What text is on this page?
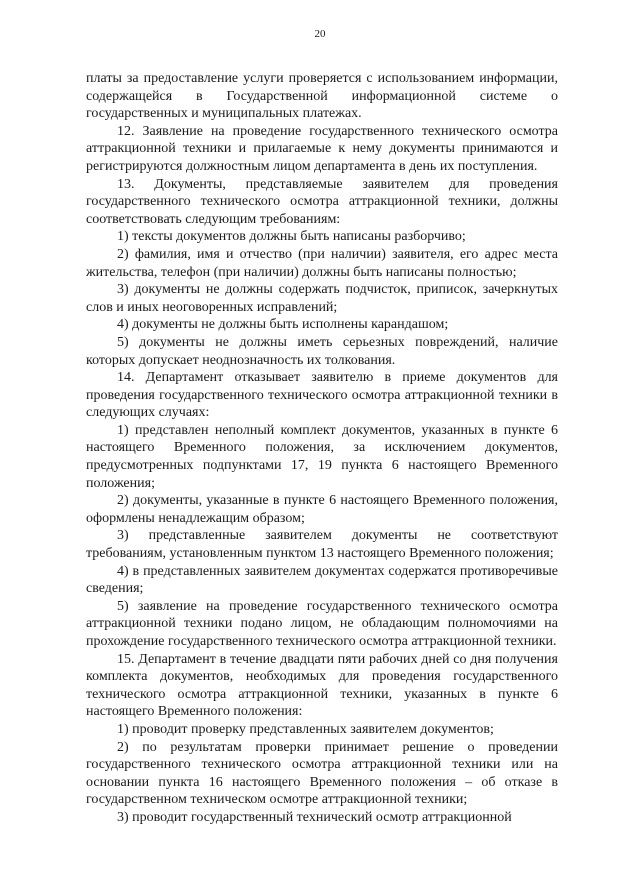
20

платы за предоставление услуги проверяется с использованием информации, содержащейся в Государственной информационной системе о государственных и муниципальных платежах.

12. Заявление на проведение государственного технического осмотра аттракционной техники и прилагаемые к нему документы принимаются и регистрируются должностным лицом департамента в день их поступления.

13. Документы, представляемые заявителем для проведения государственного технического осмотра аттракционной техники, должны соответствовать следующим требованиям:

1) тексты документов должны быть написаны разборчиво;

2) фамилия, имя и отчество (при наличии) заявителя, его адрес места жительства, телефон (при наличии) должны быть написаны полностью;

3) документы не должны содержать подчисток, приписок, зачеркнутых слов и иных неоговоренных исправлений;

4) документы не должны быть исполнены карандашом;

5) документы не должны иметь серьезных повреждений, наличие которых допускает неоднозначность их толкования.

14. Департамент отказывает заявителю в приеме документов для проведения государственного технического осмотра аттракционной техники в следующих случаях:

1) представлен неполный комплект документов, указанных в пункте 6 настоящего Временного положения, за исключением документов, предусмотренных подпунктами 17, 19 пункта 6 настоящего Временного положения;

2) документы, указанные в пункте 6 настоящего Временного положения, оформлены ненадлежащим образом;

3) представленные заявителем документы не соответствуют требованиям, установленным пунктом 13 настоящего Временного положения;

4) в представленных заявителем документах содержатся противоречивые сведения;

5) заявление на проведение государственного технического осмотра аттракционной техники подано лицом, не обладающим полномочиями на прохождение государственного технического осмотра аттракционной техники.

15. Департамент в течение двадцати пяти рабочих дней со дня получения комплекта документов, необходимых для проведения государственного технического осмотра аттракционной техники, указанных в пункте 6 настоящего Временного положения:

1) проводит проверку представленных заявителем документов;

2) по результатам проверки принимает решение о проведении государственного технического осмотра аттракционной техники или на основании пункта 16 настоящего Временного положения – об отказе в государственном техническом осмотре аттракционной техники;

3) проводит государственный технический осмотр аттракционной
